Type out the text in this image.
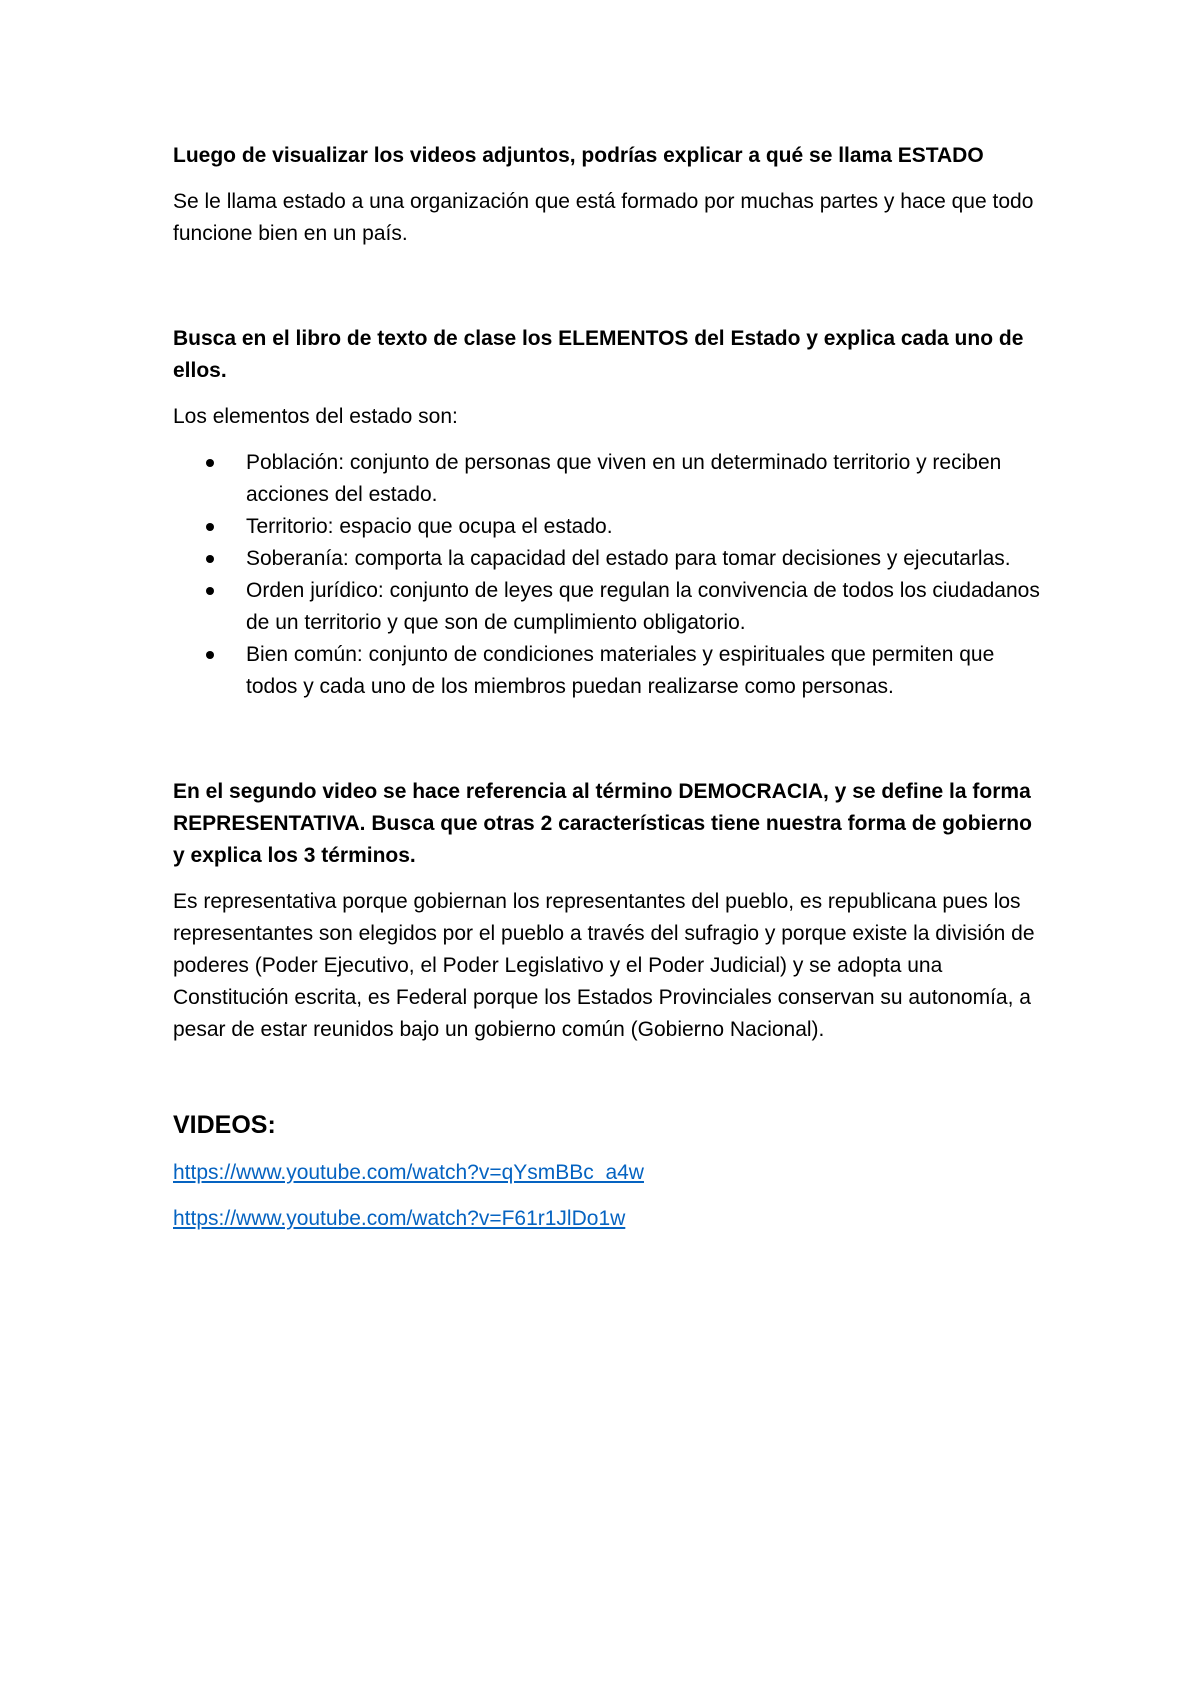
Luego de visualizar los videos adjuntos, podrías explicar a qué se llama ESTADO

Se le llama estado a una organización que está formado por muchas partes y hace que todo funcione bien en un país.

Busca en el libro de texto de clase los ELEMENTOS del Estado y explica cada uno de ellos.

Los elementos del estado son:

Población: conjunto de personas que viven en un determinado territorio y reciben acciones del estado.
Territorio: espacio que ocupa el estado.
Soberanía: comporta la capacidad del estado para tomar decisiones y ejecutarlas.
Orden jurídico: conjunto de leyes que regulan la convivencia de todos los ciudadanos de un territorio y que son de cumplimiento obligatorio.
Bien común: conjunto de condiciones materiales y espirituales que permiten que todos y cada uno de los miembros puedan realizarse como personas.

En el segundo video se hace referencia al término DEMOCRACIA, y se define la forma REPRESENTATIVA. Busca que otras 2 características tiene nuestra forma de gobierno y explica los 3 términos.

Es representativa porque gobiernan los representantes del pueblo, es republicana pues los representantes son elegidos por el pueblo a través del sufragio y porque existe la división de poderes (Poder Ejecutivo, el Poder Legislativo y el Poder Judicial) y se adopta una Constitución escrita, es Federal porque los Estados Provinciales conservan su autonomía, a pesar de estar reunidos bajo un gobierno común (Gobierno Nacional).

VIDEOS:
https://www.youtube.com/watch?v=qYsmBBc_a4w
https://www.youtube.com/watch?v=F61r1JlDo1w
